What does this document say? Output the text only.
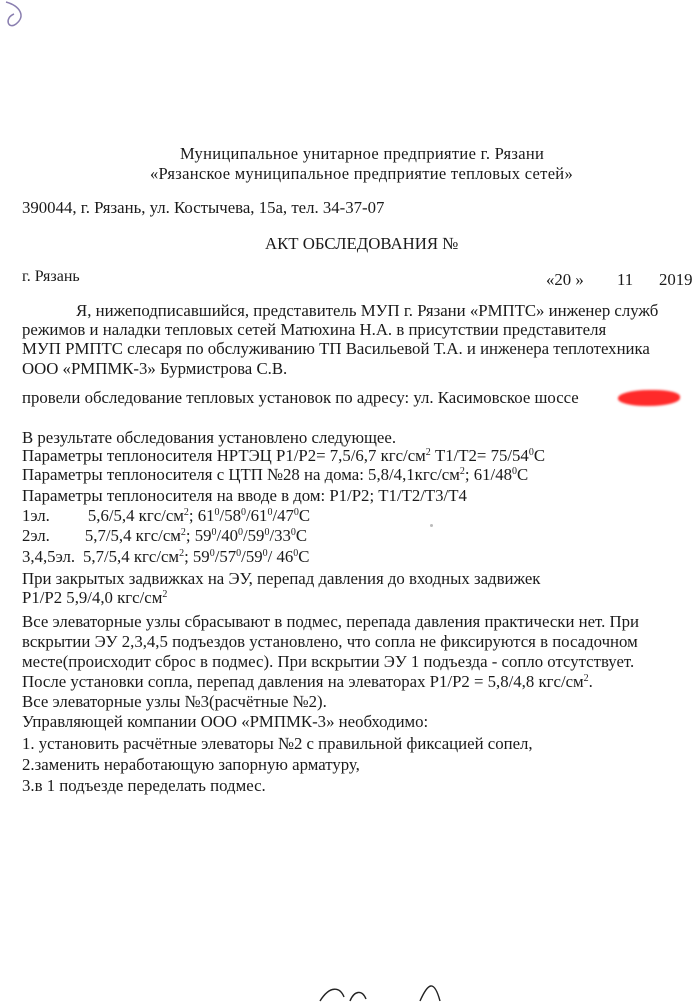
Муниципальное унитарное предприятие г. Рязани
«Рязанское муниципальное предприятие тепловых сетей»
390044, г. Рязань, ул. Костычева, 15а, тел. 34-37-07
АКТ ОБСЛЕДОВАНИЯ №
г. Рязань	«20 » 11 2019
Я, нижеподписавшийся, представитель МУП г. Рязани «РМПТС» инженер служб
режимов и наладки тепловых сетей Матюхина Н.А. в присутствии представителя
МУП РМПТС слесаря по обслуживанию ТП Васильевой Т.А. и инженера теплотехника
ООО «РМПМК-3» Бурмистрова С.В.
провели обследование тепловых установок по адресу: ул. Касимовское шоссе
В результате обследования установлено следующее.
Параметры теплоносителя НРТЭЦ Р1/Р2= 7,5/6,7 кгс/$см^2$ $Т1/Т2= 75/54^0С$
Параметры теплоносителя с ЦТП №28 на дома: $5,8/4,1кгс/см^2$; $61/48^0С$
Параметры теплоносителя на вводе в дом: Р1/Р2; Т1/Т2/Т3/Т4
1эл. 5,6/5,4 кгс/$см^2$; $61^0/58^0/61^0/47^0С$
2эл. 5,7/5,4 кгс/$см^2$; $59^0/40^0/59^0/33^0С$
3,4,5эл. 5,7/5,4 кгс/$см^2$; $59^0/57^0/59^0/$ $46^0С$
При закрытых задвижках на ЭУ, перепад давления до входных задвижек
Р1/Р2 5,9/4,0 кгс/$см^2$
Все элеваторные узлы сбрасывают в подмес, перепада давления практически нет. При
вскрытии ЭУ 2,3,4,5 подъездов установлено, что сопла не фиксируются в посадочном
месте(происходит сброс в подмес). При вскрытии ЭУ 1 подъезда - сопло отсутствует.
После установки сопла, перепад давления на элеваторах Р1/Р2 = 5,8/4,8 кгс/$см^2$.
Все элеваторные узлы №3(расчётные №2).
Управляющей компании ООО «РМПМК-3» необходимо:
1. установить расчётные элеваторы №2 с правильной фиксацией сопел,
2.заменить неработающую запорную арматуру,
3.в 1 подъезде переделать подмес.
